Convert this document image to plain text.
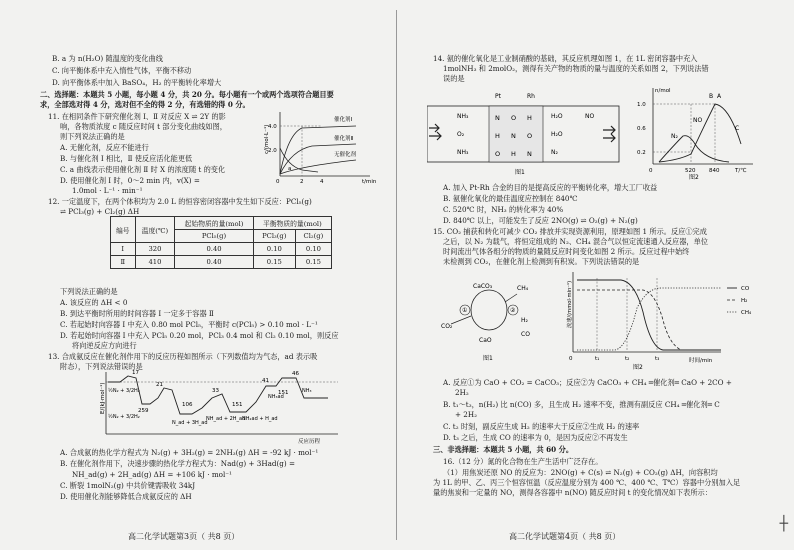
B. a 为 n(H₂O) 随温度的变化曲线
C. 向平衡体系中充入惰性气体，平衡不移动
D. 向平衡体系中加入 BaSO₄，H₂ 的平衡转化率增大
二、选择题：本题共 5 小题，每小题 4 分，共 20 分。每小题有一个或两个选项符合题目要
求，全部选对得 4 分，选对但不全的得 2 分，有选错的得 0 分。
11. 在相同条件下研究催化剂 Ⅰ、Ⅱ 对反应 X ⇌ 2Y 的影
响，各物质浓度 c 随反应时间 t 部分变化曲线如图，
则下列说法正确的是
A. 无催化剂，反应不能进行
B. 与催化剂 Ⅰ 相比，Ⅱ 使反应活化能更低
C. a 曲线表示使用催化剂 Ⅱ 时 X 的浓度随 t 的变化
D. 使用催化剂 Ⅰ 时，0～2 min 内，v(X) =
1.0mol · L⁻¹ · min⁻¹
c/(mol·L⁻¹)
t/min
4.0
2.0
0	2	4
催化剂Ⅰ
催化剂Ⅱ
无催化剂
a
12. 一定温度下，在两个体积均为 2.0 L 的恒容密闭容器中发生如下反应：PCl₅(g)
⇌ PCl₃(g) + Cl₂(g) ΔH
编号	温度(℃)	起始物质的量(mol)	平衡物质的量(mol)	
		PCl₅(g)	PCl₃(g)	Cl₂(g)
Ⅰ	320	0.40	0.10	0.10
Ⅱ	410	0.40	0.15	0.15
下列说法正确的是
A. 该反应的 ΔH < 0
B. 到达平衡时所用的时间容器 Ⅰ 一定多于容器 Ⅱ
C. 若起始时向容器 Ⅰ 中充入 0.80 mol PCl₅，平衡时 c(PCl₅) > 0.10 mol · L⁻¹
D. 若起始时向容器 Ⅰ 中充入 PCl₅ 0.20 mol，PCl₃ 0.4 mol 和 Cl₂ 0.10 mol，则反应
将向逆反应方向进行
13. 合成氨反应在催化剂作用下的反应历程如图所示（下列数值均为气态，ad 表示吸
附态），下列说法错误的是
E/(kJ·mol⁻¹)
反应历程
17
21
259
106
33
41
46
151
151
½N₂ + 3/2H₂
½N₂ + 3/2H₂
N_ad + 3H_ad
NH_ad + 2H_ad
NH₂ad + H_ad
NH₃ad
NH₃
A. 合成氨的热化学方程式为 N₂(g) + 3H₂(g) = 2NH₃(g) ΔH = -92 kJ · mol⁻¹
B. 在催化剂作用下，决速步骤的热化学方程式为：Nad(g) + 3Had(g) =
NH_ad(g) + 2H_ad(g) ΔH = +106 kJ · mol⁻¹
C. 断裂 1molN₂(g) 中共价键需吸收 34kJ
D. 使用催化剂能够降低合成氨反应的 ΔH
高二化学试题第3页（ 共8 页）
14. 氨的催化氧化是工业制硝酸的基础，其反应机理如图 1，在 1L 密闭容器中充入
1molNH₃ 和 2molO₂，测得有关产物的物质的量与温度的关系如图 2，下列说法错
误的是
Pt	Rh
N O H
H N O
O H N
NH₃
O₂
NH₃
H₂O	NO
H₂O
N₂
图1
n/mol
T/℃
1.0
0.6
0.2
0	520 840
A
B
C
NO
N₂
图2
A. 加入 Pt-Rh 合金的目的是提高反应的平衡转化率，增大工厂收益
B. 氨催化氧化的最佳温度应控制在 840℃
C. 520℃ 时，NH₃ 的转化率为 40%
D. 840℃ 以上，可能发生了反应 2NO(g) ⇌ O₂(g) + N₂(g)
15. CO₂ 捕获和转化可减少 CO₂ 排放并实现资源利用，原理如图 1 所示。反应①完成
之后，以 N₂ 为载气，将恒定组成的 N₂、CH₄ 混合气以恒定流速通入反应器，单位
时间流出气体各组分的物质的量随反应时间变化如图 2 所示。反应过程中始终
未检测到 CO₂，在催化剂上检测到有积炭。下列说法错误的是
CaCO₃
CaO
CH₄
CO₂
H₂
CO
①	②
图1
流速/(mmol·min⁻¹)
时间/min
0	t₁	t₂	t₃
CO
H₂
CH₄
图2
A. 反应①为 CaO + CO₂ = CaCO₃；反应②为 CaCO₃ + CH₄ ═催化剂═ CaO + 2CO +
2H₂
B. t₁～t₃，n(H₂) 比 n(CO) 多，且生成 H₂ 速率不变，推测有副反应 CH₄ ═催化剂═ C
+ 2H₂
C. t₂ 时刻，副反应生成 H₂ 的速率大于反应②生成 H₂ 的速率
D. t₃ 之后，生成 CO 的速率为 0，是因为反应②不再发生
三、非选择题：本题共 5 小题，共 60 分。
16.（12 分）氮的化合物在生产生活中广泛存在。
（1）用焦炭还原 NO 的反应为：2NO(g) + C(s) ⇌ N₂(g) + CO₂(g) ΔH，向容积均
为 1L 的甲、乙、丙三个恒容恒温（反应温度分别为 400 ℃、400 ℃、T℃）容器中分别加入足
量的焦炭和一定量的 NO，测得各容器中 n(NO) 随反应时间 t 的变化情况如下表所示：
高二化学试题第4页（ 共8 页）
┼
